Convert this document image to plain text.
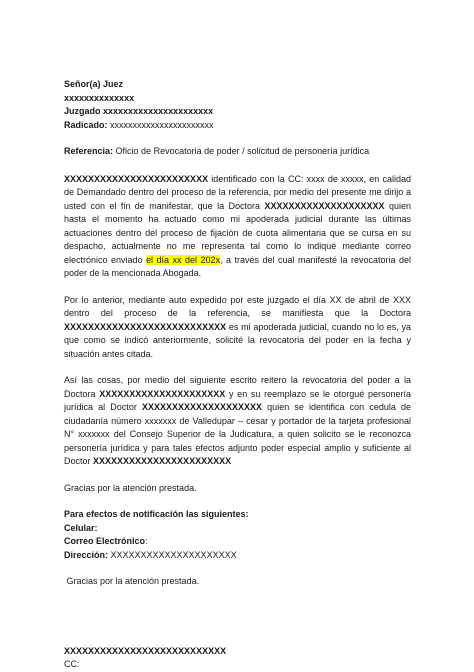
Señor(a) Juez
xxxxxxxxxxxxxx
Juzgado xxxxxxxxxxxxxxxxxxxxxx
Radicado: xxxxxxxxxxxxxxxxxxxxxxx
Referencia: Oficio de Revocatoria de poder / solicitud de personería jurídica

XXXXXXXXXXXXXXXXXXXXXXXX identificado con la CC: xxxx de xxxxx, en calidad de Demandado dentro del proceso de la referencia, por medio del presente me dirijo a usted con el fin de manifestar, que la Doctora XXXXXXXXXXXXXXXXXXXX quien hasta el momento ha actuado como mi apoderada judicial durante las últimas actuaciones dentro del proceso de fijación de cuota alimentaria que se cursa en su despacho, actualmente no me representa tal como lo indiqué mediante correo electrónico enviado el día xx del 202x, a través del cual manifesté la revocatoria del poder de la mencionada Abogada.

Por lo anterior, mediante auto expedido por este juzgado el día XX de abril de XXX dentro del proceso de la referencia, se manifiesta que la Doctora XXXXXXXXXXXXXXXXXXXXXXXXXXX es mi apoderada judicial, cuando no lo es, ya que como se indicó anteriormente, solicité la revocatoria del poder en la fecha y situación antes citada.

Así las cosas, por medio del siguiente escrito reitero la revocatoria del poder a la Doctora XXXXXXXXXXXXXXXXXXXXX y en su reemplazo se le otorgué personería jurídica al Doctor XXXXXXXXXXXXXXXXXXXX quien se identifica con cedula de ciudadanía número xxxxxxx de Valledupar – cesar y portador de la tarjeta profesional N° xxxxxxx del Consejo Superior de la Judicatura, a quien solicito se le reconozca personería jurídica y para tales efectos adjunto poder especial amplio y suficiente al Doctor XXXXXXXXXXXXXXXXXXXXXXX

Gracias por la atención prestada.

Para efectos de notificación las siguientes:
Celular:
Correo Electrónico:
Dirección: XXXXXXXXXXXXXXXXXXXXX

Gracias por la atención prestada.

XXXXXXXXXXXXXXXXXXXXXXXXXXX
CC:
